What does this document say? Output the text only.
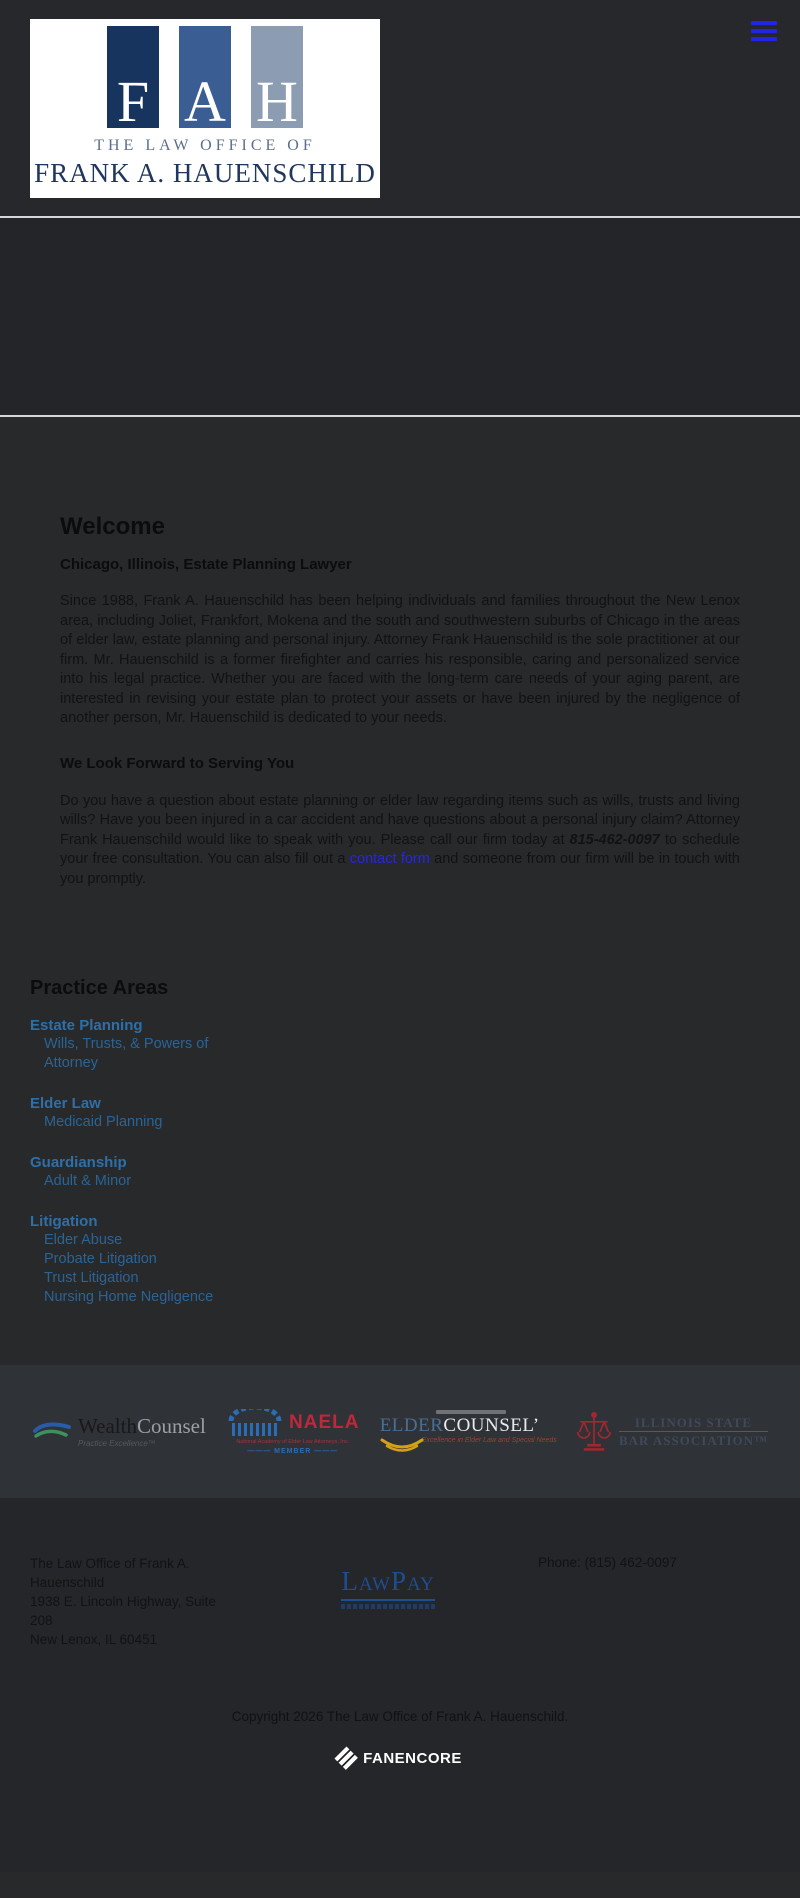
F A H
THE LAW OFFICE OF
FRANK A. HAUENSCHILD
Welcome
Chicago, Illinois, Estate Planning Lawyer

Since 1988, Frank A. Hauenschild has been helping individuals and families throughout the New Lenox area, including Joliet, Frankfort, Mokena and the south and southwestern suburbs of Chicago in the areas of elder law, estate planning and personal injury. Attorney Frank Hauenschild is the sole practitioner at our firm. Mr. Hauenschild is a former firefighter and carries his responsible, caring and personalized service into his legal practice. Whether you are faced with the long-term care needs of your aging parent, are interested in revising your estate plan to protect your assets or have been injured by the negligence of another person, Mr. Hauenschild is dedicated to your needs.

We Look Forward to Serving You

Do you have a question about estate planning or elder law regarding items such as wills, trusts and living wills? Have you been injured in a car accident and have questions about a personal injury claim? Attorney Frank Hauenschild would like to speak with you. Please call our firm today at 815-462-0097 to schedule your free consultation. You can also fill out a contact form and someone from our firm will be in touch with you promptly.

Practice Areas
Estate Planning
Wills, Trusts, & Powers of Attorney
Elder Law
Medicaid Planning
Guardianship
Adult & Minor
Litigation
Elder Abuse
Probate Litigation
Trust Litigation
Nursing Home Negligence
WealthCounsel
Practice Excellence™
NAELA
National Academy of Elder Law Attorneys, Inc.
——— MEMBER ———
ELDERCOUNSEL’
Excellence in Elder Law and Special Needs
ILLINOIS STATE
BAR ASSOCIATION™
The Law Office of Frank A. Hauenschild
1938 E. Lincoln Highway, Suite 208
New Lenox, IL 60451
LAWPAY
Phone: (815) 462-0097
Copyright 2026 The Law Office of Frank A. Hauenschild.
FANENCORE
